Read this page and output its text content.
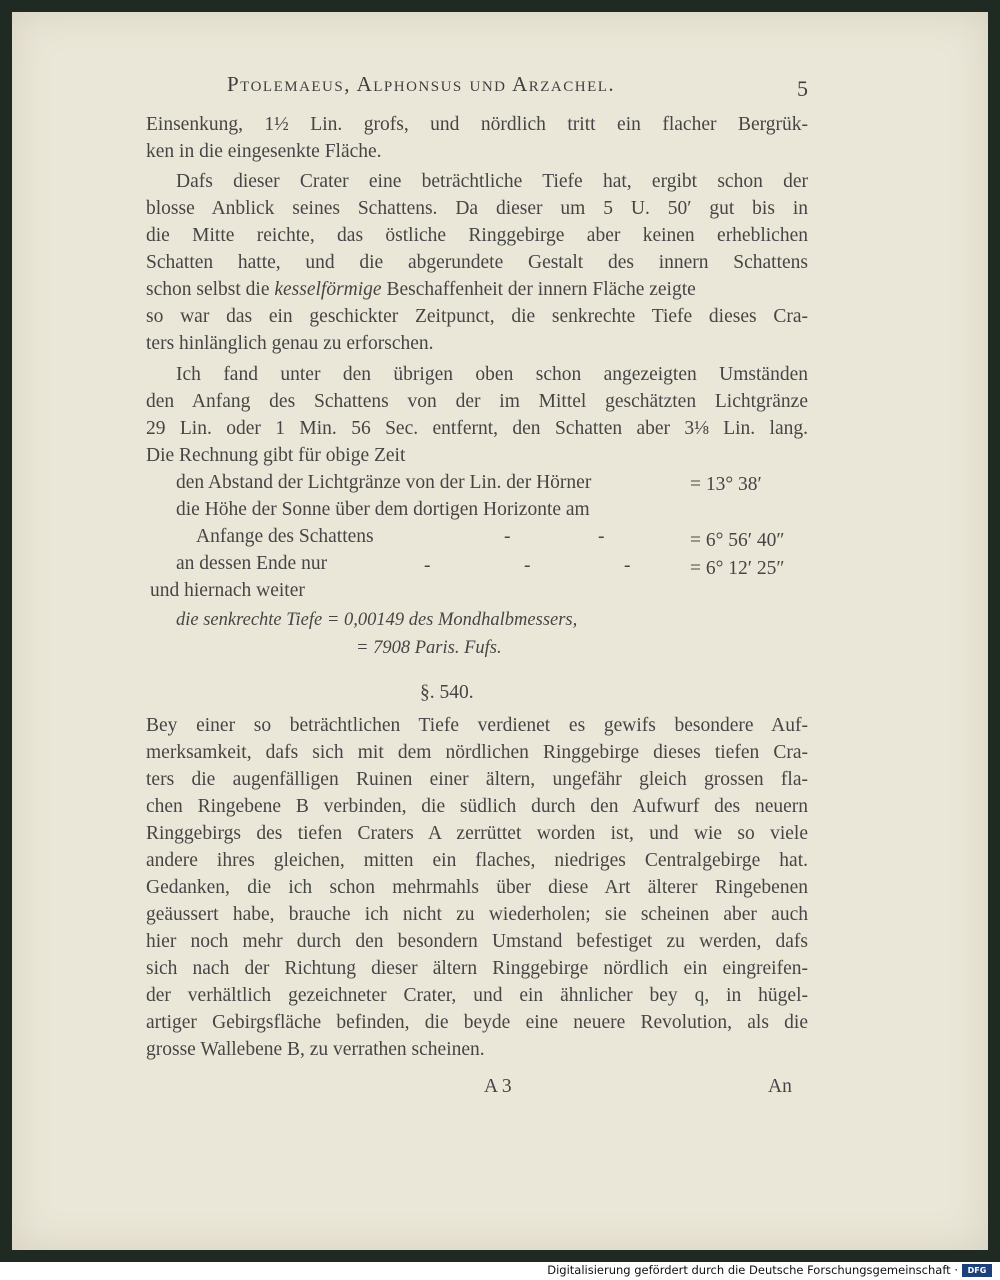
Ptolemaeus, Alphonsus und Arzachel.	5
Einsenkung, 1½ Lin. grofs, und nördlich tritt ein flacher Bergrük-
ken in die eingesenkte Fläche.
Dafs dieser Crater eine beträchtliche Tiefe hat, ergibt schon der
blosse Anblick seines Schattens. Da dieser um 5 U. 50′ gut bis in
die Mitte reichte, das östliche Ringgebirge aber keinen erheblichen
Schatten hatte, und die abgerundete Gestalt des innern Schattens
schon selbst die kesselförmige Beschaffenheit der innern Fläche zeigte
so war das ein geschickter Zeitpunct, die senkrechte Tiefe dieses Cra-
ters hinlänglich genau zu erforschen.
Ich fand unter den übrigen oben schon angezeigten Umständen
den Anfang des Schattens von der im Mittel geschätzten Lichtgränze
29 Lin. oder 1 Min. 56 Sec. entfernt, den Schatten aber 3⅛ Lin. lang.
Die Rechnung gibt für obige Zeit
den Abstand der Lichtgränze von der Lin. der Hörner	= 13° 38′
die Höhe der Sonne über dem dortigen Horizonte am
Anfange des Schattens	-	-	= 6° 56′ 40″
an dessen Ende nur	-	-	-	= 6° 12′ 25″
und hiernach weiter
die senkrechte Tiefe = 0,00149 des Mondhalbmessers,
= 7908 Paris. Fufs.
§. 540.
Bey einer so beträchtlichen Tiefe verdienet es gewifs besondere Auf-
merksamkeit, dafs sich mit dem nördlichen Ringgebirge dieses tiefen Cra-
ters die augenfälligen Ruinen einer ältern, ungefähr gleich grossen fla-
chen Ringebene B verbinden, die südlich durch den Aufwurf des neuern
Ringgebirgs des tiefen Craters A zerrüttet worden ist, und wie so viele
andere ihres gleichen, mitten ein flaches, niedriges Centralgebirge hat.
Gedanken, die ich schon mehrmahls über diese Art älterer Ringebenen
geäussert habe, brauche ich nicht zu wiederholen; sie scheinen aber auch
hier noch mehr durch den besondern Umstand befestiget zu werden, dafs
sich nach der Richtung dieser ältern Ringgebirge nördlich ein eingreifen-
der verhältlich gezeichneter Crater, und ein ähnlicher bey q, in hügel-
artiger Gebirgsfläche befinden, die beyde eine neuere Revolution, als die
grosse Wallebene B, zu verrathen scheinen.
A 3	An
Digitalisierung gefördert durch die Deutsche Forschungsgemeinschaft ·	DFG
